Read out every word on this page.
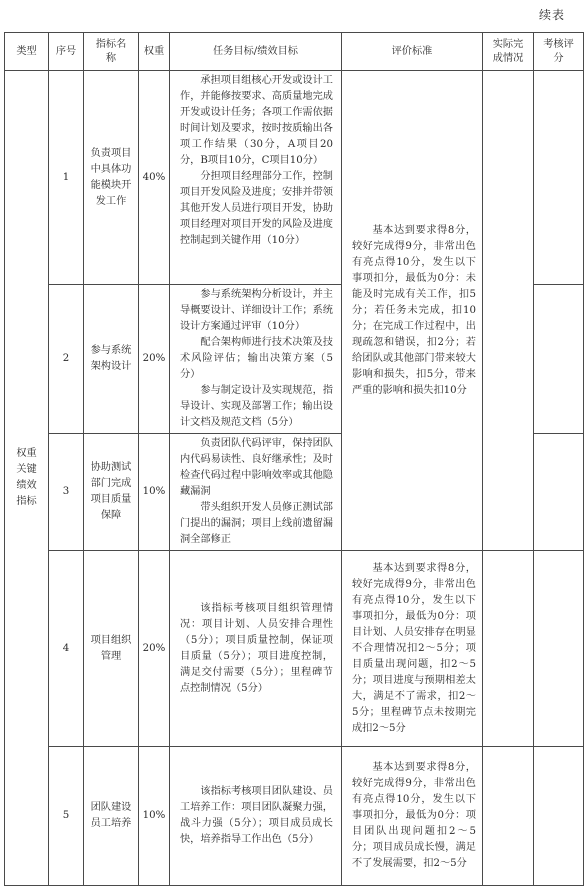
续表
类型	序号	指标名称	权重	任务目标/绩效目标	评价标准	实际完成情况	考核评分
权重关键绩效指标	1	负责项目中具体功能模块开发工作	40%	承担项目组核心开发或设计工作，并能修按要求、高质量地完成开发或设计任务；各项工作需依据时间计划及要求，按时按质输出各项工作结果（30分，A项目20分，B项目10分，C项目10分）

分担项目经理部分工作，控制项目开发风险及进度；安排并带领其他开发人员进行项目开发，协助项目经理对项目开发的风险及进度控制起到关键作用（10分）	基本达到要求得8分，较好完成得9分，非常出色有亮点得10分，发生以下事项扣分，最低为0分：未能及时完成有关工作，扣5分；若任务未完成，扣10分；在完成工作过程中，出现疏忽和错误，扣2分；若给团队或其他部门带来较大影响和损失，扣5分，带来严重的影响和损失扣10分		

	2	参与系统架构设计	20%	参与系统架构分析设计，并主导概要设计、详细设计工作；系统设计方案通过评审（10分）

配合架构师进行技术决策及技术风险评估；输出决策方案（5分）

参与制定设计及实现规范，指导设计、实现及部署工作；输出设计文档及规范文档（5分）			

	3	协助测试部门完成项目质量保障	10%	负责团队代码评审，保持团队内代码易读性、良好继承性；及时检查代码过程中影响效率或其他隐藏漏洞

带头组织开发人员修正测试部门提出的漏洞；项目上线前遗留漏洞全部修正			

	4	项目组织管理	20%	该指标考核项目组织管理情况：项目计划、人员安排合理性（5分）；项目质量控制，保证项目质量（5分）；项目进度控制，满足交付需要（5分）；里程碑节点控制情况（5分）	基本达到要求得8分，较好完成得9分，非常出色有亮点得10分，发生以下事项扣分，最低为0分：项目计划、人员安排存在明显不合理情况扣2～5分；项目质量出现问题，扣2～5分；项目进度与预期相差太大，满足不了需求，扣2～5分；里程碑节点未按期完成扣2～5分		

	5	团队建设员工培养	10%	该指标考核项目团队建设、员工培养工作：项目团队凝聚力强，战斗力强（5分）；项目成员成长快，培养指导工作出色（5分）	基本达到要求得8分，较好完成得9分，非常出色有亮点得10分，发生以下事项扣分，最低为0分：项目团队出现问题扣2～5分；项目成员成长慢，满足不了发展需要，扣2～5分		
